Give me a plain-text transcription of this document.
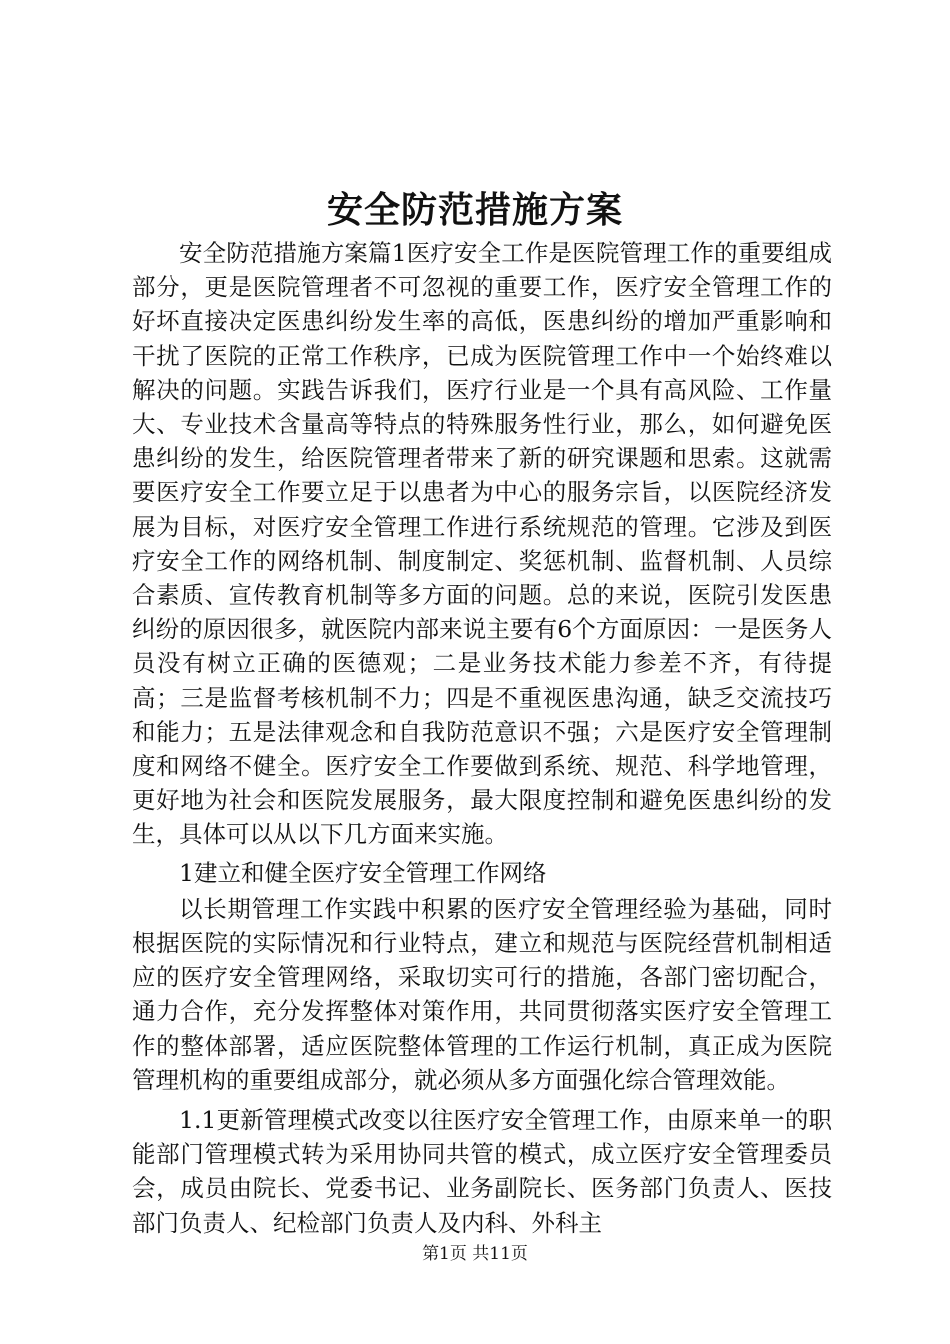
安全防范措施方案

安全防范措施方案篇1医疗安全工作是医院管理工作的重要组成部分，更是医院管理者不可忽视的重要工作，医疗安全管理工作的好坏直接决定医患纠纷发生率的高低，医患纠纷的增加严重影响和干扰了医院的正常工作秩序，已成为医院管理工作中一个始终难以解决的问题。实践告诉我们，医疗行业是一个具有高风险、工作量大、专业技术含量高等特点的特殊服务性行业，那么，如何避免医患纠纷的发生，给医院管理者带来了新的研究课题和思索。这就需要医疗安全工作要立足于以患者为中心的服务宗旨，以医院经济发展为目标，对医疗安全管理工作进行系统规范的管理。它涉及到医疗安全工作的网络机制、制度制定、奖惩机制、监督机制、人员综合素质、宣传教育机制等多方面的问题。总的来说，医院引发医患纠纷的原因很多，就医院内部来说主要有6个方面原因：一是医务人员没有树立正确的医德观；二是业务技术能力参差不齐，有待提高；三是监督考核机制不力；四是不重视医患沟通，缺乏交流技巧和能力；五是法律观念和自我防范意识不强；六是医疗安全管理制度和网络不健全。医疗安全工作要做到系统、规范、科学地管理，更好地为社会和医院发展服务，最大限度控制和避免医患纠纷的发生，具体可以从以下几方面来实施。

1建立和健全医疗安全管理工作网络

以长期管理工作实践中积累的医疗安全管理经验为基础，同时根据医院的实际情况和行业特点，建立和规范与医院经营机制相适应的医疗安全管理网络，采取切实可行的措施，各部门密切配合，通力合作，充分发挥整体对策作用，共同贯彻落实医疗安全管理工作的整体部署，适应医院整体管理的工作运行机制，真正成为医院管理机构的重要组成部分，就必须从多方面强化综合管理效能。

1.1更新管理模式改变以往医疗安全管理工作，由原来单一的职能部门管理模式转为采用协同共管的模式，成立医疗安全管理委员会，成员由院长、党委书记、业务副院长、医务部门负责人、医技部门负责人、纪检部门负责人及内科、外科主

第1页 共11页
